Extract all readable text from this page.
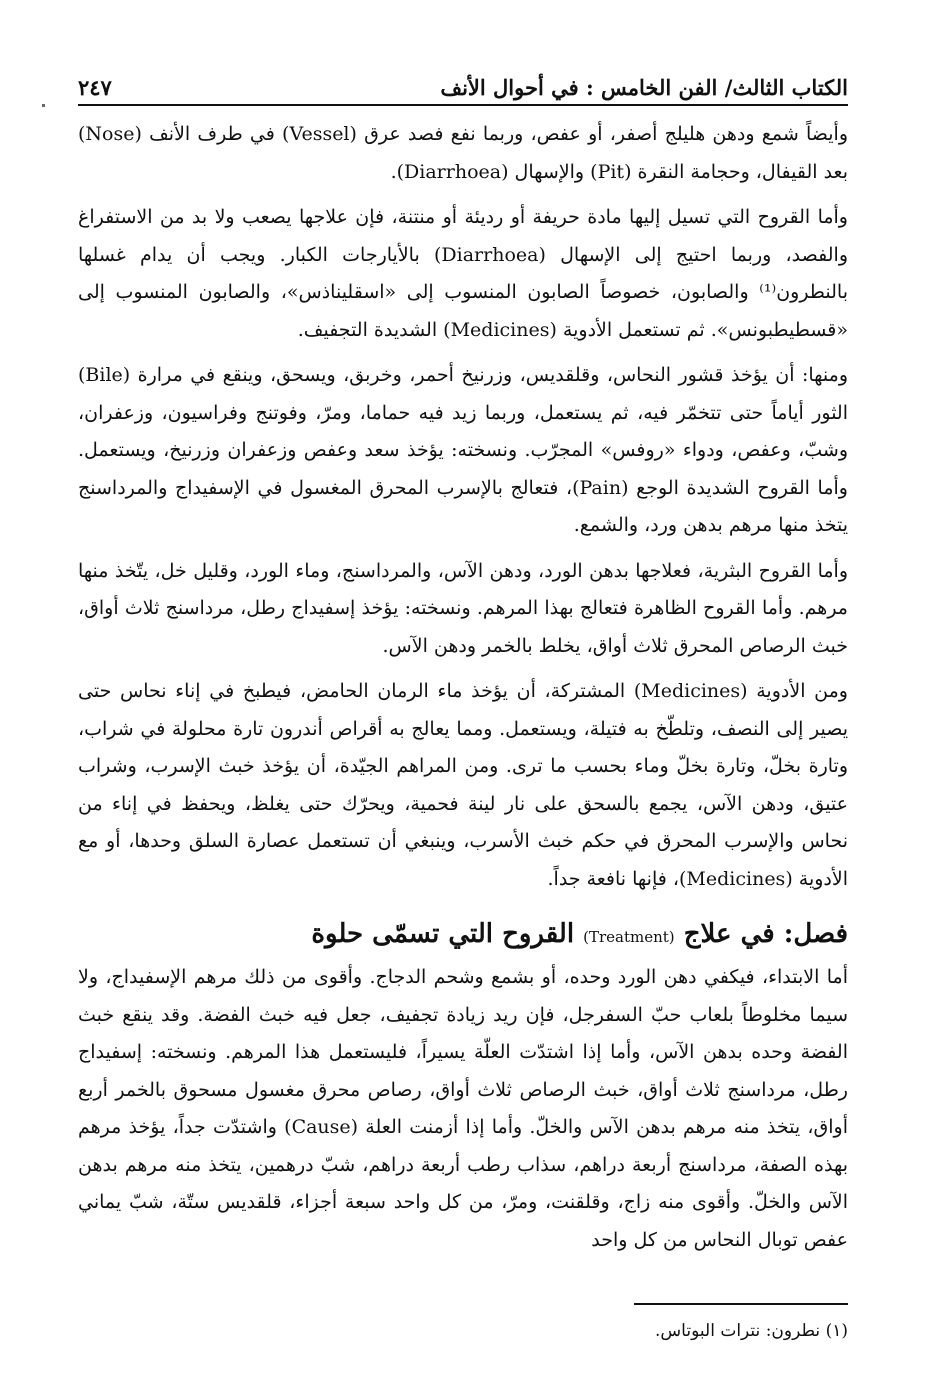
الكتاب الثالث/ الفن الخامس : في أحوال الأنف
٢٤٧

وأيضاً شمع ودهن هليلج أصفر، أو عفص، وربما نفع فصد عرق (Vessel) في طرف الأنف (Nose) بعد القيفال، وحجامة النقرة (Pit) والإسهال (Diarrhoea).

وأما القروح التي تسيل إليها مادة حريفة أو رديئة أو منتنة، فإن علاجها يصعب ولا بد من الاستفراغ والفصد، وربما احتيج إلى الإسهال (Diarrhoea) بالأيارجات الكبار. ويجب أن يدام غسلها بالنطرون⁽¹⁾ والصابون، خصوصاً الصابون المنسوب إلى «اسقليناذس»، والصابون المنسوب إلى «قسطيطبونس». ثم تستعمل الأدوية (Medicines) الشديدة التجفيف.

ومنها: أن يؤخذ قشور النحاس، وقلقديس، وزرنيخ أحمر، وخربق، ويسحق، وينقع في مرارة (Bile) الثور أياماً حتى تتخمّر فيه، ثم يستعمل، وربما زيد فيه حماما، ومرّ، وفوتنج وفراسيون، وزعفران، وشبّ، وعفص، ودواء «روفس» المجرّب. ونسخته: يؤخذ سعد وعفص وزعفران وزرنيخ، ويستعمل. وأما القروح الشديدة الوجع (Pain)، فتعالج بالإسرب المحرق المغسول في الإسفيداج والمرداسنج يتخذ منها مرهم بدهن ورد، والشمع.

وأما القروح البثرية، فعلاجها بدهن الورد، ودهن الآس، والمرداسنج، وماء الورد، وقليل خل، يتّخذ منها مرهم. وأما القروح الظاهرة فتعالج بهذا المرهم. ونسخته: يؤخذ إسفيداج رطل، مرداسنج ثلاث أواق، خبث الرصاص المحرق ثلاث أواق، يخلط بالخمر ودهن الآس.

ومن الأدوية (Medicines) المشتركة، أن يؤخذ ماء الرمان الحامض، فيطبخ في إناء نحاس حتى يصير إلى النصف، وتلطّخ به فتيلة، ويستعمل. ومما يعالج به أقراص أندرون تارة محلولة في شراب، وتارة بخلّ، وتارة بخلّ وماء بحسب ما ترى. ومن المراهم الجيّدة، أن يؤخذ خبث الإسرب، وشراب عتيق، ودهن الآس، يجمع بالسحق على نار لينة فحمية، ويحرّك حتى يغلظ، ويحفظ في إناء من نحاس والإسرب المحرق في حكم خبث الأسرب، وينبغي أن تستعمل عصارة السلق وحدها، أو مع الأدوية (Medicines)، فإنها نافعة جداً.

فصل: في علاج (Treatment) القروح التي تسمّى حلوة

أما الابتداء، فيكفي دهن الورد وحده، أو بشمع وشحم الدجاج. وأقوى من ذلك مرهم الإسفيداج، ولا سيما مخلوطاً بلعاب حبّ السفرجل، فإن ريد زيادة تجفيف، جعل فيه خبث الفضة. وقد ينقع خبث الفضة وحده بدهن الآس، وأما إذا اشتدّت العلّة يسيراً، فليستعمل هذا المرهم. ونسخته: إسفيداج رطل، مرداسنج ثلاث أواق، خبث الرصاص ثلاث أواق، رصاص محرق مغسول مسحوق بالخمر أربع أواق، يتخذ منه مرهم بدهن الآس والخلّ. وأما إذا أزمنت العلة (Cause) واشتدّت جداً، يؤخذ مرهم بهذه الصفة، مرداسنج أربعة دراهم، سذاب رطب أربعة دراهم، شبّ درهمين، يتخذ منه مرهم بدهن الآس والخلّ. وأقوى منه زاج، وقلقنت، ومرّ، من كل واحد سبعة أجزاء، قلقديس ستّة، شبّ يماني عفص توبال النحاس من كل واحد

(١) نطرون: نترات البوتاس.
